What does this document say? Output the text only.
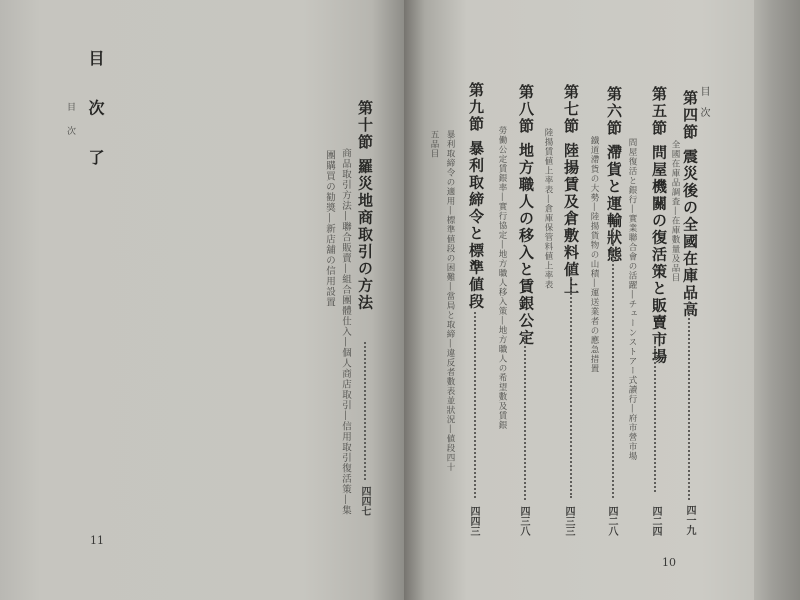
目 次 了
目 次	第十節 羅災地商取引の方法
四四七
商品取引方法―聯合販賣―組合團體仕入―個人商店取引―信用取引復活策―集
團購買の勧獎―新店舖の信用設置
11
目 次
第四節 震災後の全國在庫品高
全國在庫品調査―在庫數量及品目
四一九
第五節 問屋機關の復活策と販賣市場
問屋復活と銀行―實業聯合會の活躍―チェーンストアー式讀行―府市營市場
四二四
第六節 滯貨と運輸狀態
鐵道滯貨の大勢―陸揚貨物の山積―運送業者の應急措置
四二八
第七節 陸揚賃及倉敷料値上
陸揚賃値上率表―倉庫保管料値上率表
四三三
第八節 地方職人の移入と賃銀公定
勞働公定賃銀率―實行協定―地方職人移入策―地方職人の希望數及賃銀
四三八
第九節 暴利取締令と標準値段
暴利取締令の適用―標準値段の困難―當局と取締―違反者數表並狀況―値段四十
五品目
四四三
10
